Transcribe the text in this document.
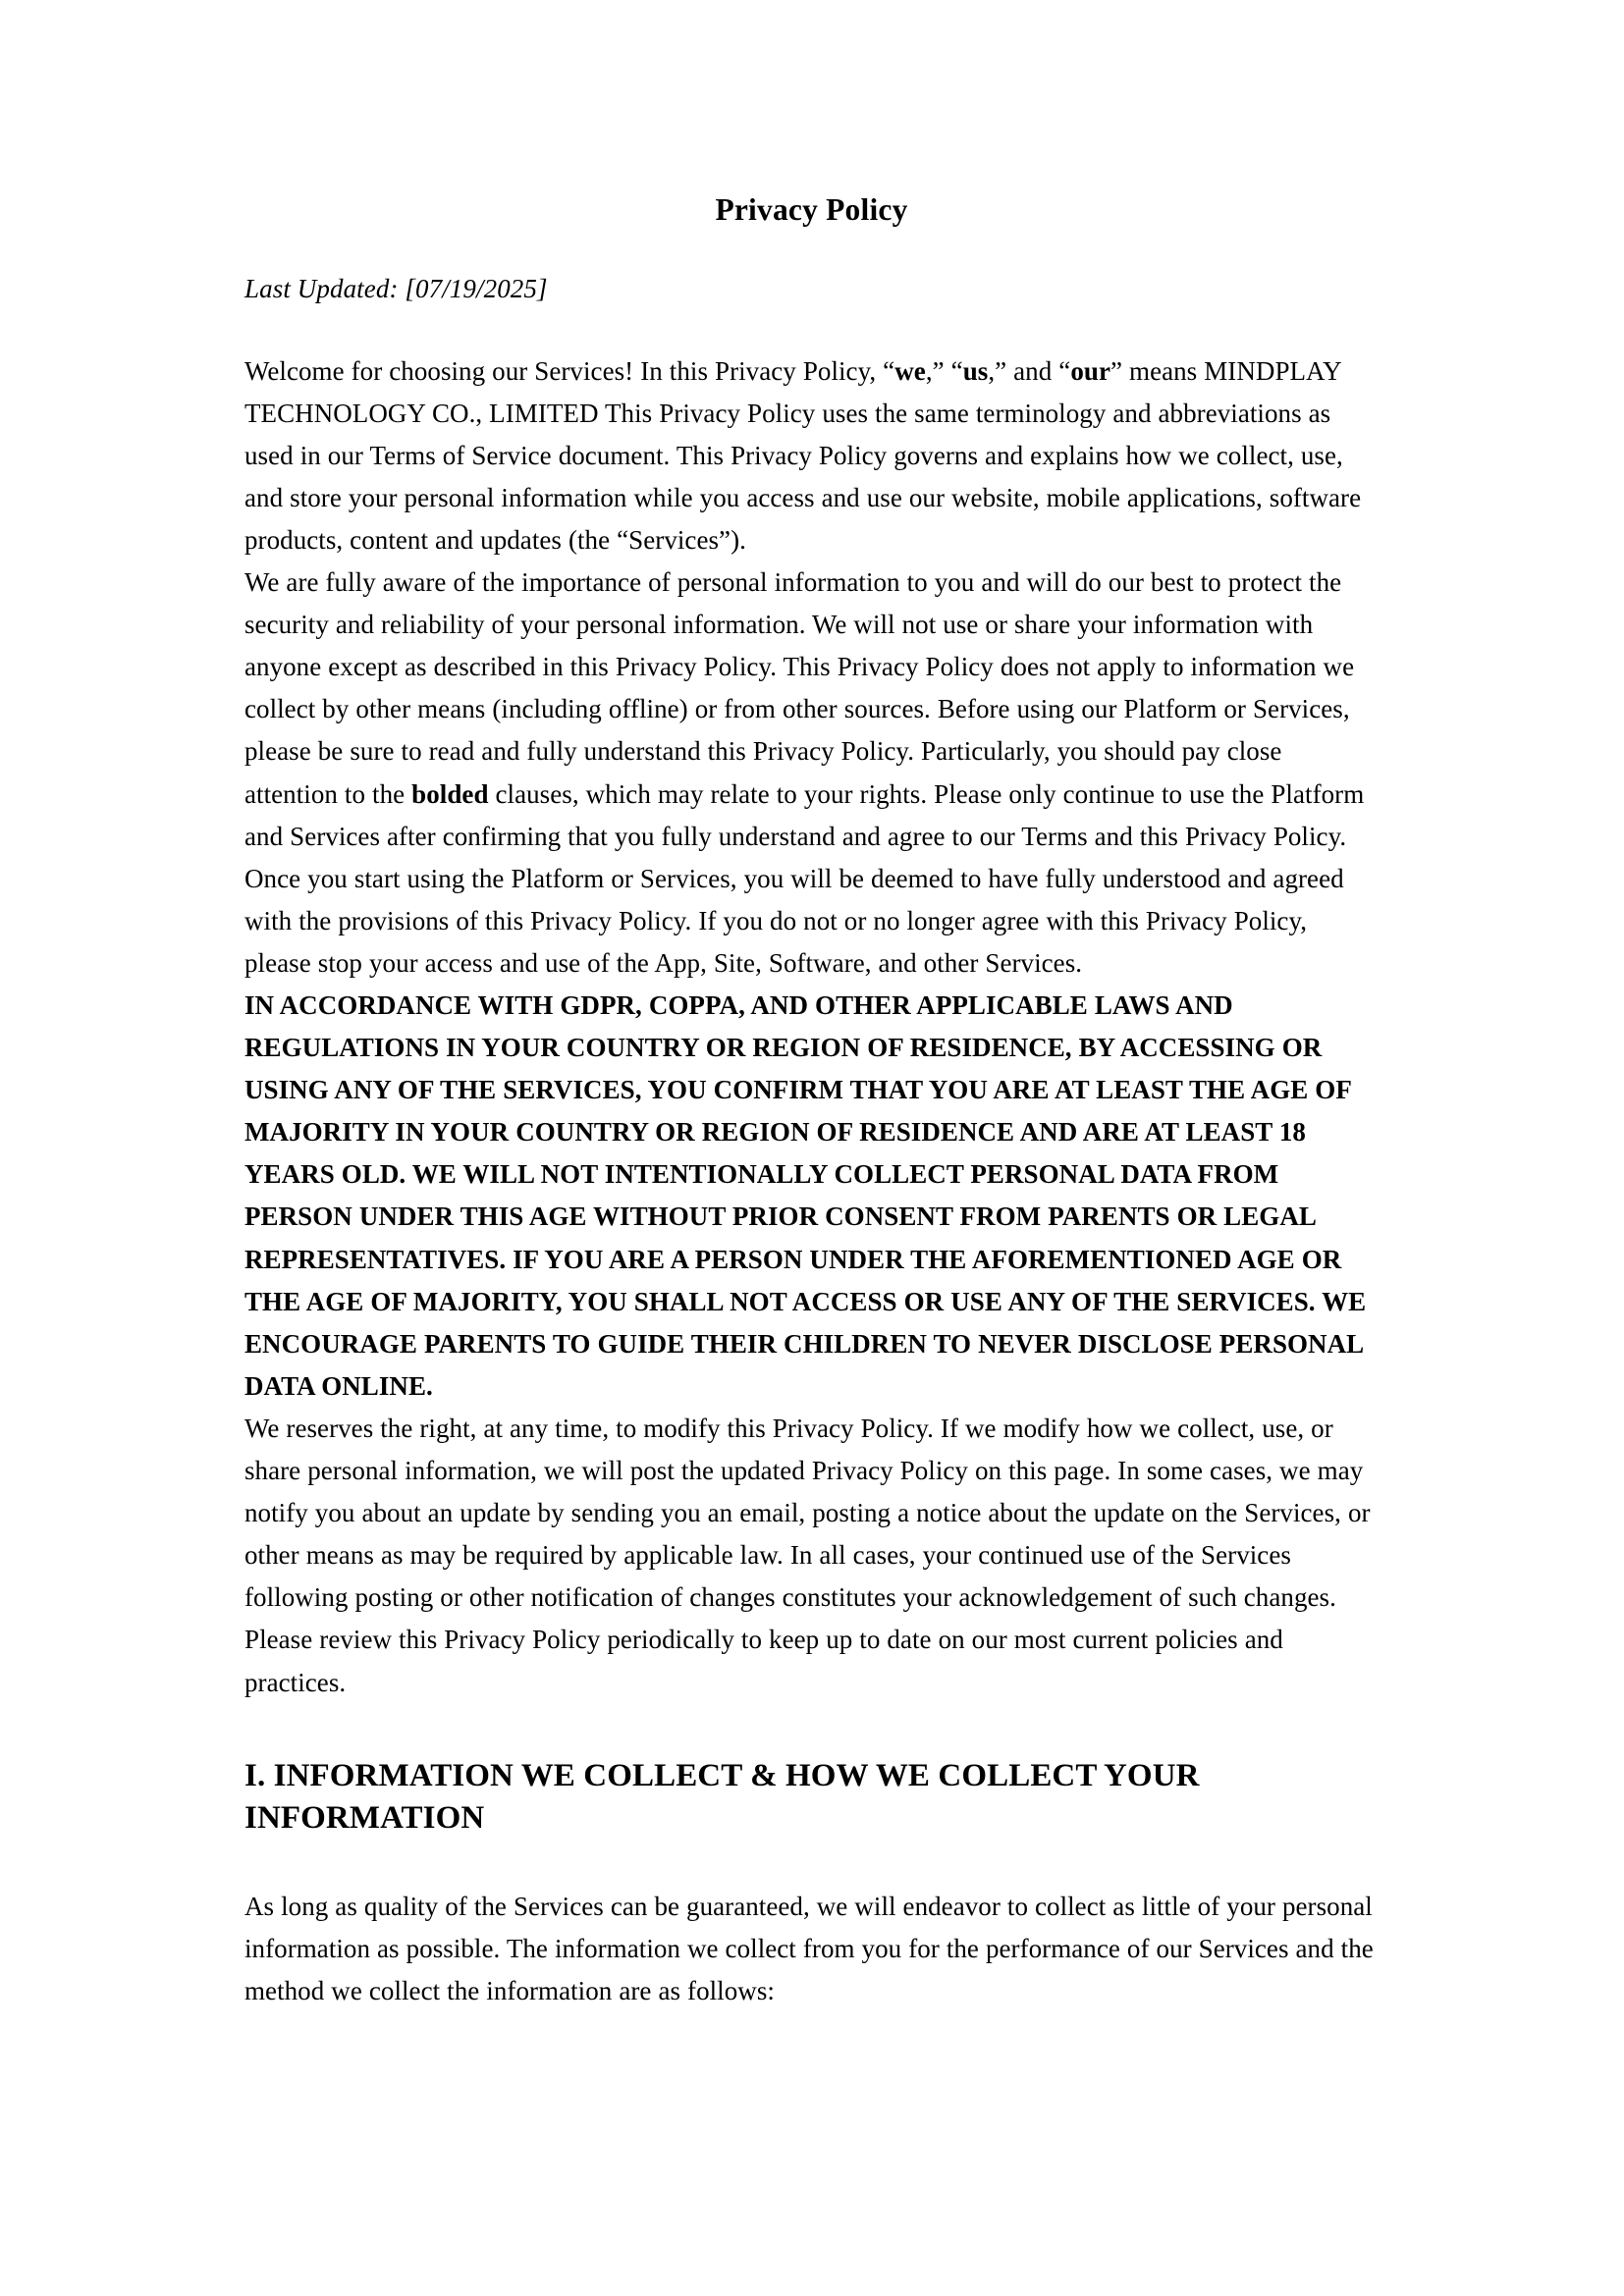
Privacy Policy

Last Updated: [07/19/2025]

Welcome for choosing our Services! In this Privacy Policy, “we,” “us,” and “our” means MINDPLAY TECHNOLOGY CO., LIMITED This Privacy Policy uses the same terminology and abbreviations as used in our Terms of Service document. This Privacy Policy governs and explains how we collect, use, and store your personal information while you access and use our website, mobile applications, software products, content and updates (the “Services”).

We are fully aware of the importance of personal information to you and will do our best to protect the security and reliability of your personal information. We will not use or share your information with anyone except as described in this Privacy Policy. This Privacy Policy does not apply to information we collect by other means (including offline) or from other sources. Before using our Platform or Services, please be sure to read and fully understand this Privacy Policy. Particularly, you should pay close attention to the bolded clauses, which may relate to your rights. Please only continue to use the Platform and Services after confirming that you fully understand and agree to our Terms and this Privacy Policy. Once you start using the Platform or Services, you will be deemed to have fully understood and agreed with the provisions of this Privacy Policy. If you do not or no longer agree with this Privacy Policy, please stop your access and use of the App, Site, Software, and other Services.

IN ACCORDANCE WITH GDPR, COPPA, AND OTHER APPLICABLE LAWS AND REGULATIONS IN YOUR COUNTRY OR REGION OF RESIDENCE, BY ACCESSING OR USING ANY OF THE SERVICES, YOU CONFIRM THAT YOU ARE AT LEAST THE AGE OF MAJORITY IN YOUR COUNTRY OR REGION OF RESIDENCE AND ARE AT LEAST 18 YEARS OLD. WE WILL NOT INTENTIONALLY COLLECT PERSONAL DATA FROM PERSON UNDER THIS AGE WITHOUT PRIOR CONSENT FROM PARENTS OR LEGAL REPRESENTATIVES. IF YOU ARE A PERSON UNDER THE AFOREMENTIONED AGE OR THE AGE OF MAJORITY, YOU SHALL NOT ACCESS OR USE ANY OF THE SERVICES. WE ENCOURAGE PARENTS TO GUIDE THEIR CHILDREN TO NEVER DISCLOSE PERSONAL DATA ONLINE.

We reserves the right, at any time, to modify this Privacy Policy. If we modify how we collect, use, or share personal information, we will post the updated Privacy Policy on this page. In some cases, we may notify you about an update by sending you an email, posting a notice about the update on the Services, or other means as may be required by applicable law. In all cases, your continued use of the Services following posting or other notification of changes constitutes your acknowledgement of such changes. Please review this Privacy Policy periodically to keep up to date on our most current policies and practices.

I. INFORMATION WE COLLECT & HOW WE COLLECT YOUR INFORMATION

As long as quality of the Services can be guaranteed, we will endeavor to collect as little of your personal information as possible. The information we collect from you for the performance of our Services and the method we collect the information are as follows:
